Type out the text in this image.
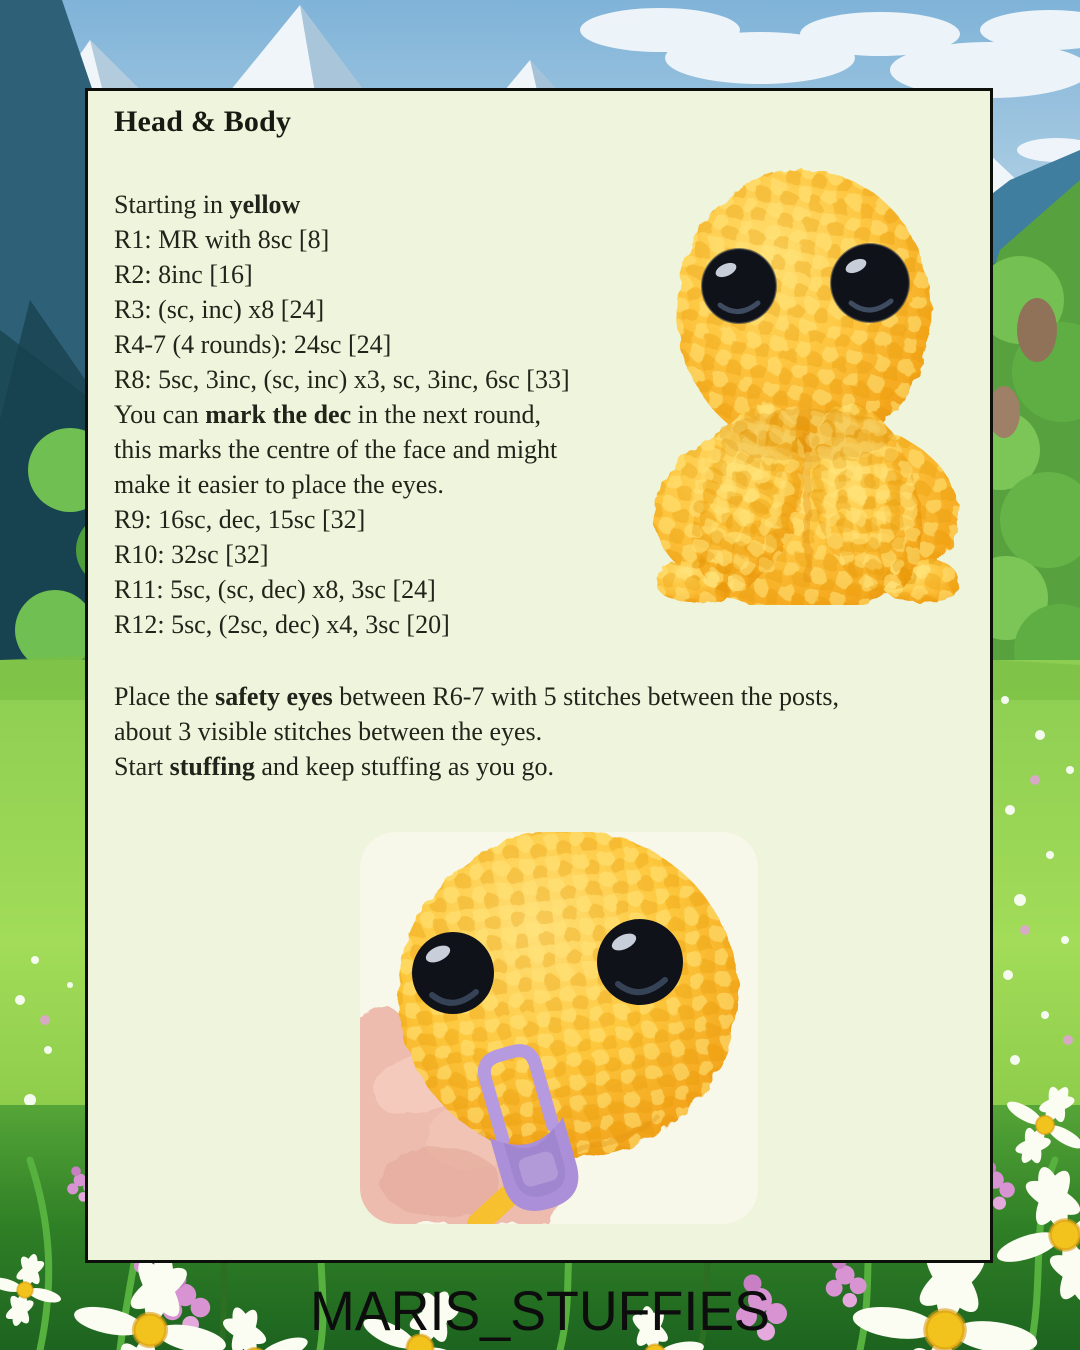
Head & Body
Starting in yellow
R1: MR with 8sc [8]
R2: 8inc [16]
R3: (sc, inc) x8 [24]
R4-7 (4 rounds): 24sc [24]
R8: 5sc, 3inc, (sc, inc) x3, sc, 3inc, 6sc [33]
You can mark the dec in the next round,
this marks the centre of the face and might
make it easier to place the eyes.
R9: 16sc, dec, 15sc [32]
R10: 32sc [32]
R11: 5sc, (sc, dec) x8, 3sc [24]
R12: 5sc, (2sc, dec) x4, 3sc [20]
Place the safety eyes between R6-7 with 5 stitches between the posts,
about 3 visible stitches between the eyes.
Start stuffing and keep stuffing as you go.
MARIS_STUFFIES
